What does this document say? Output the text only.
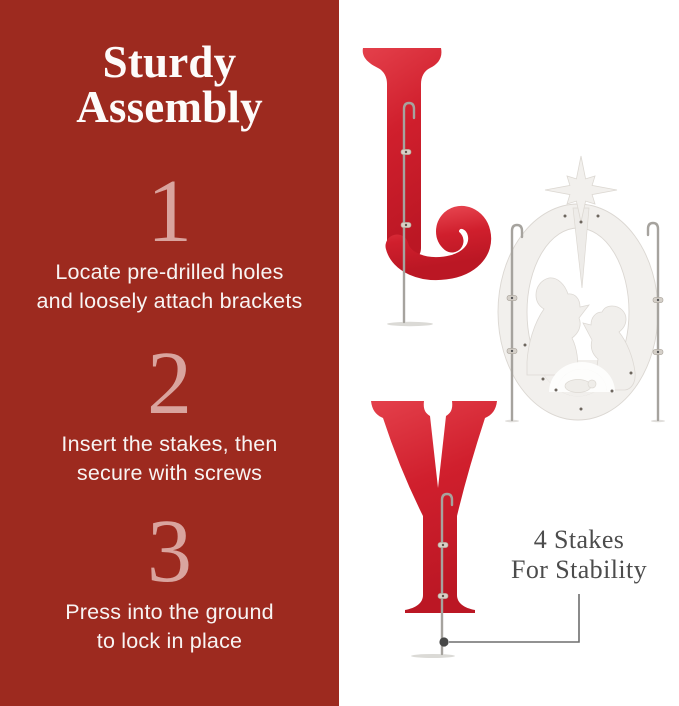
Sturdy
Assembly
1

Locate pre-drilled holes
and loosely attach brackets

2

Insert the stakes, then
secure with screws

3

Press into the ground
to lock in place

4 Stakes
For Stability
